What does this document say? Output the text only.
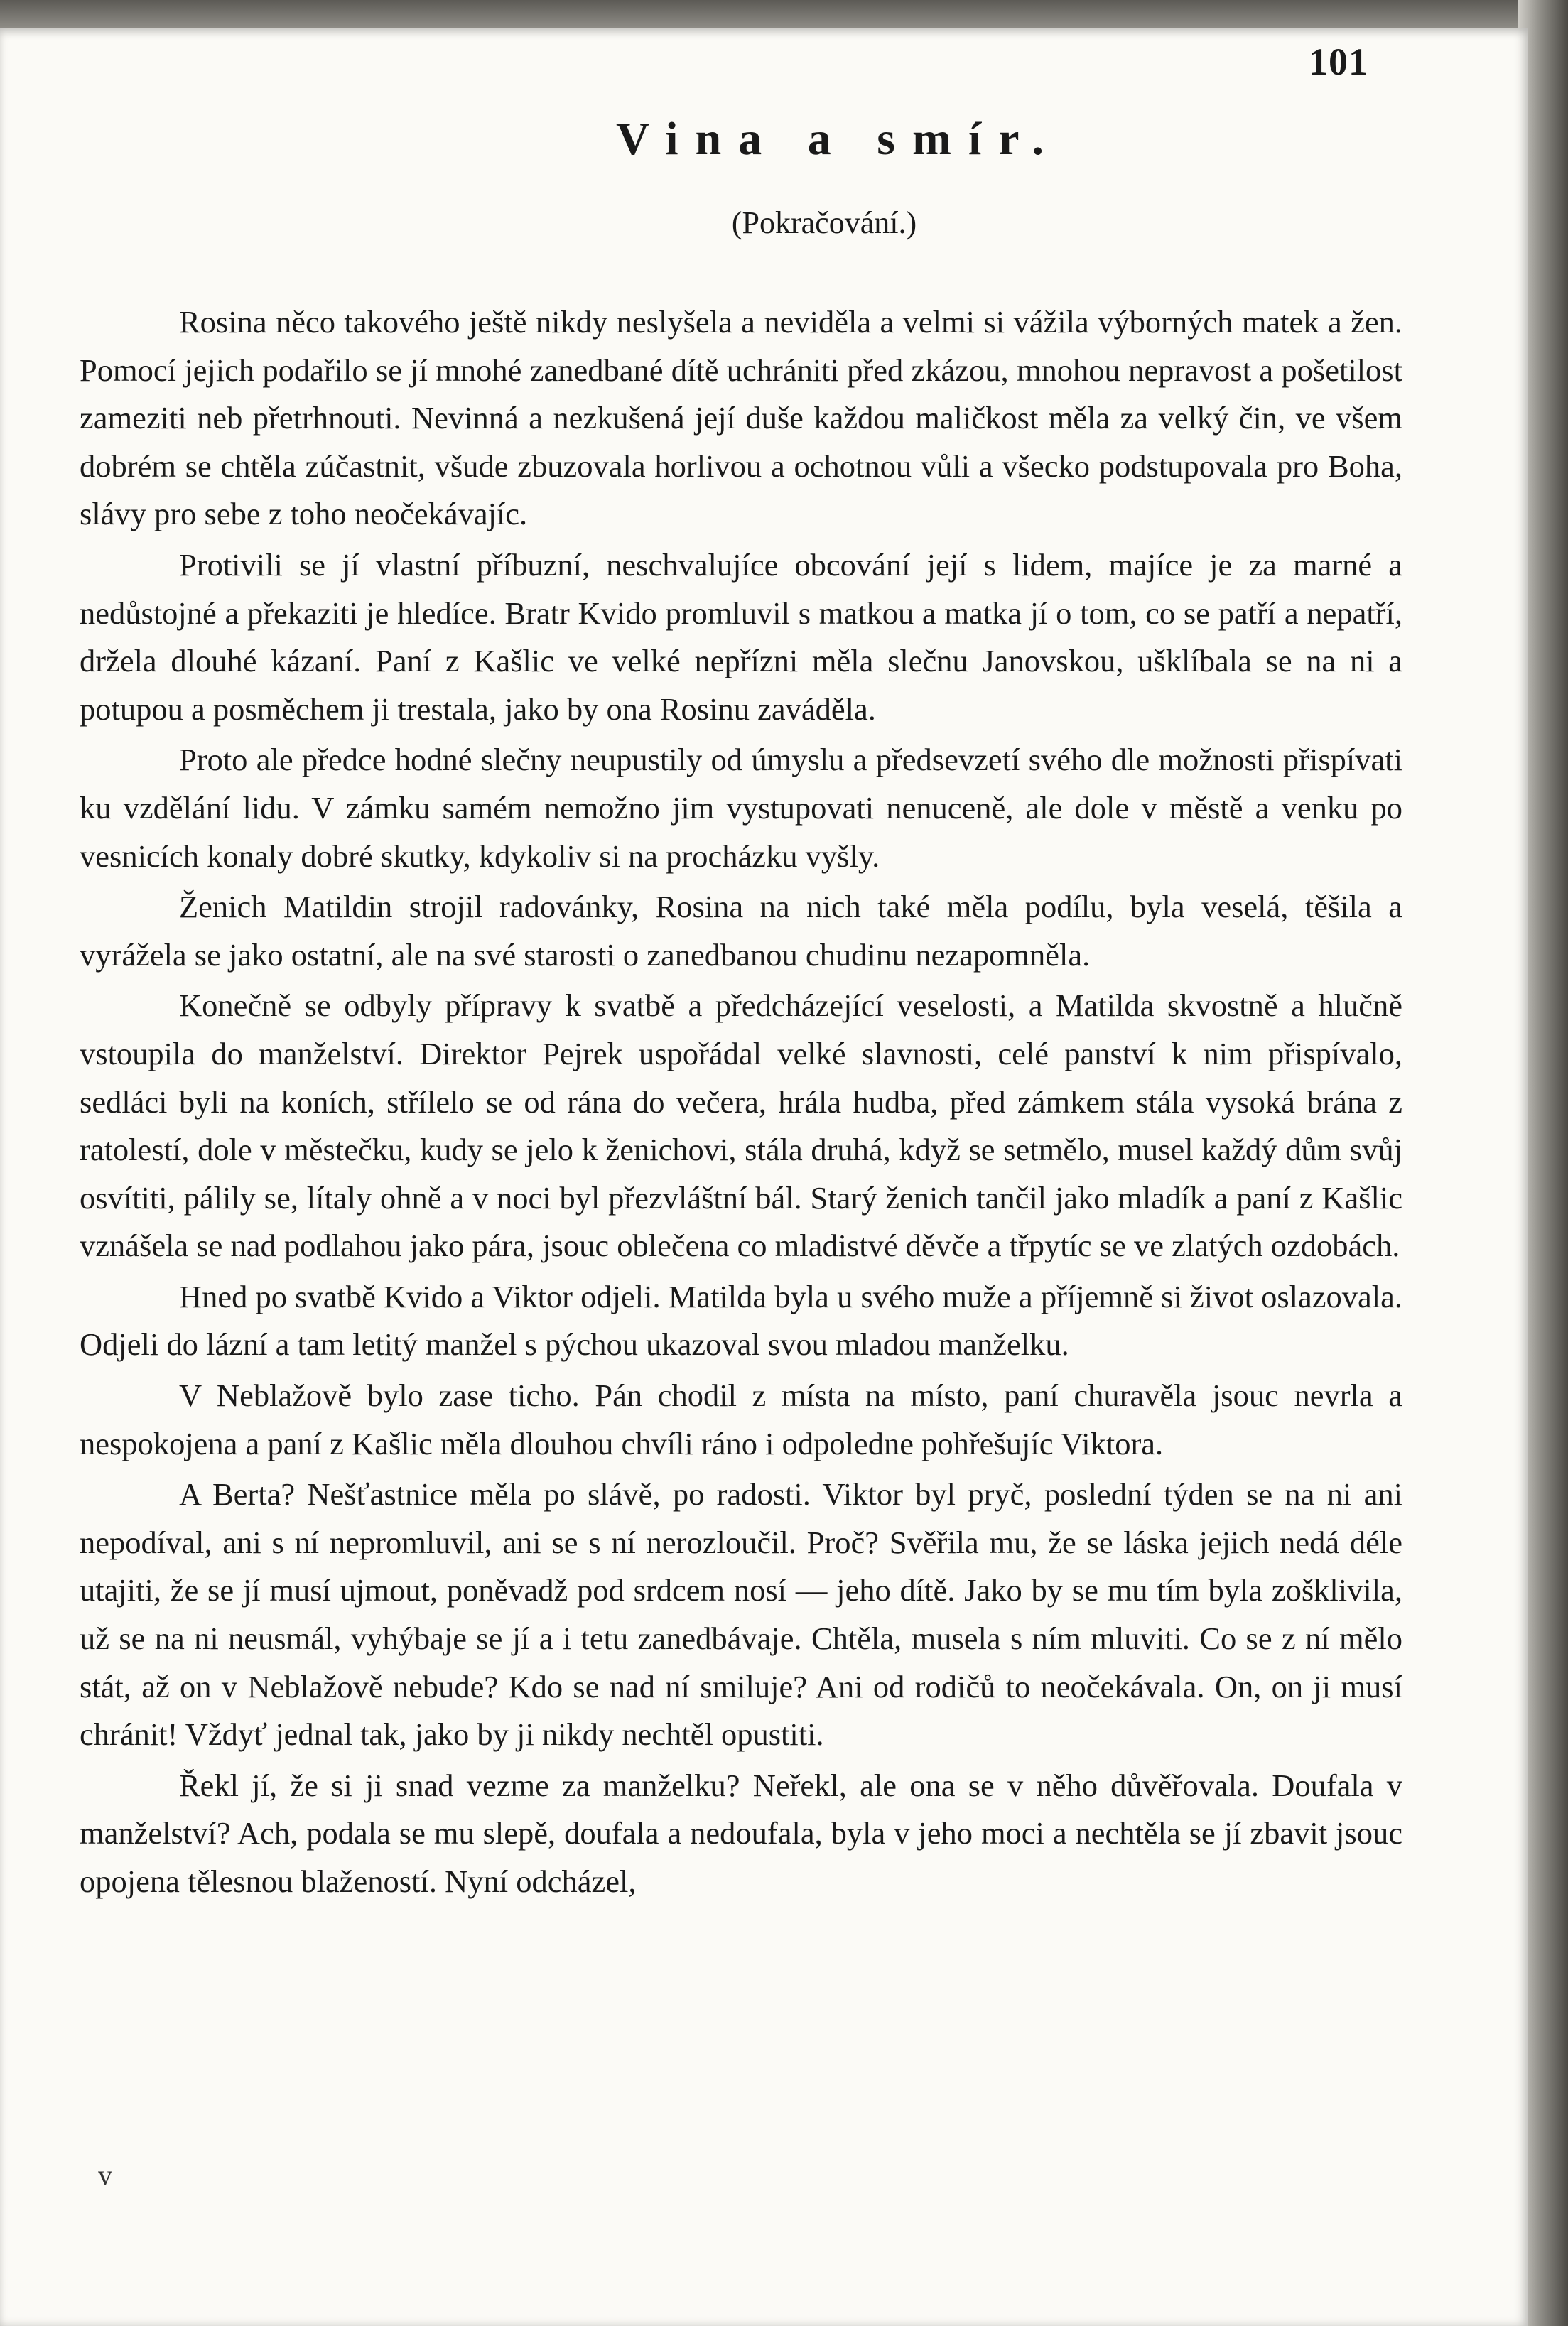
101
Vina a smír.
(Pokračování.)

Rosina něco takového ještě nikdy neslyšela a neviděla a velmi si vážila výborných matek a žen. Pomocí jejich podařilo se jí mnohé zanedbané dítě uchrániti před zkázou, mnohou nepravost a pošetilost zameziti neb přetrhnouti. Nevinná a nezkušená její duše každou maličkost měla za velký čin, ve všem dobrém se chtěla zúčastnit, všude zbuzovala horlivou a ochotnou vůli a všecko podstupovala pro Boha, slávy pro sebe z toho neočekávajíc.

Protivili se jí vlastní příbuzní, neschvalujíce obcování její s lidem, majíce je za marné a nedůstojné a překaziti je hledíce. Bratr Kvido promluvil s matkou a matka jí o tom, co se patří a nepatří, držela dlouhé kázaní. Paní z Kašlic ve velké nepřízni měla slečnu Janovskou, ušklíbala se na ni a potupou a posměchem ji trestala, jako by ona Rosinu zaváděla.

Proto ale předce hodné slečny neupustily od úmyslu a předsevzetí svého dle možnosti přispívati ku vzdělání lidu. V zámku samém nemožno jim vystupovati nenuceně, ale dole v městě a venku po vesnicích konaly dobré skutky, kdykoliv si na procházku vyšly.

Ženich Matildin strojil radovánky, Rosina na nich také měla podílu, byla veselá, těšila a vyrážela se jako ostatní, ale na své starosti o zanedbanou chudinu nezapomněla.

Konečně se odbyly přípravy k svatbě a předcházející veselosti, a Matilda skvostně a hlučně vstoupila do manželství. Direktor Pejrek uspořádal velké slavnosti, celé panství k nim přispívalo, sedláci byli na koních, střílelo se od rána do večera, hrála hudba, před zámkem stála vysoká brána z ratolestí, dole v městečku, kudy se jelo k ženichovi, stála druhá, když se setmělo, musel každý dům svůj osvítiti, pálily se, lítaly ohně a v noci byl přezvláštní bál. Starý ženich tančil jako mladík a paní z Kašlic vznášela se nad podlahou jako pára, jsouc oblečena co mladistvé děvče a třpytíc se ve zlatých ozdobách.

Hned po svatbě Kvido a Viktor odjeli. Matilda byla u svého muže a příjemně si život oslazovala. Odjeli do lázní a tam letitý manžel s pýchou ukazoval svou mladou manželku.

V Neblažově bylo zase ticho. Pán chodil z místa na místo, paní churavěla jsouc nevrla a nespokojena a paní z Kašlic měla dlouhou chvíli ráno i odpoledne pohřešujíc Viktora.

A Berta? Nešťastnice měla po slávě, po radosti. Viktor byl pryč, poslední týden se na ni ani nepodíval, ani s ní nepromluvil, ani se s ní nerozloučil. Proč? Svěřila mu, že se láska jejich nedá déle utajiti, že se jí musí ujmout, poněvadž pod srdcem nosí — jeho dítě. Jako by se mu tím byla zošklivila, už se na ni neusmál, vyhýbaje se jí a i tetu zanedbávaje. Chtěla, musela s ním mluviti. Co se z ní mělo stát, až on v Neblažově nebude? Kdo se nad ní smiluje? Ani od rodičů to neočekávala. On, on ji musí chránit! Vždyť jednal tak, jako by ji nikdy nechtěl opustiti.

Řekl jí, že si ji snad vezme za manželku? Neřekl, ale ona se v něho důvěřovala. Doufala v manželství? Ach, podala se mu slepě, doufala a nedoufala, byla v jeho moci a nechtěla se jí zbavit jsouc opojena tělesnou blažeností. Nyní odcházel,

v
